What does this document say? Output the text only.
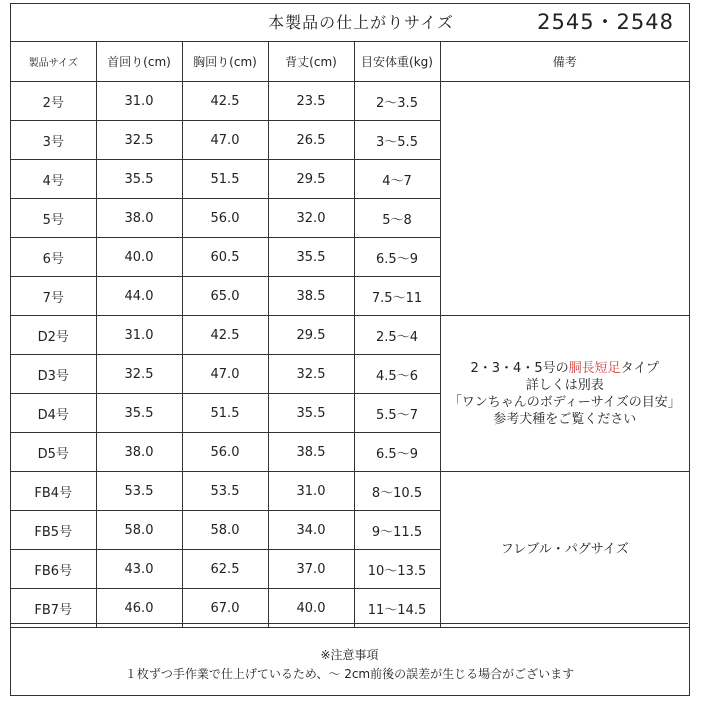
本製品の仕上がりサイズ	2545・2548
製品サイズ	首回り(cm)	胸回り(cm)	背丈(cm)	目安体重(kg)	備考
2号	31.0	42.5	23.5	2〜3.5	
3号	32.5	47.0	26.5	3〜5.5	
4号	35.5	51.5	29.5	4〜7	
5号	38.0	56.0	32.0	5〜8	
6号	40.0	60.5	35.5	6.5〜9	
7号	44.0	65.0	38.5	7.5〜11	
D2号	31.0	42.5	29.5	2.5〜4	2・3・4・5号の胴長短足タイプ
詳しくは別表
「ワンちゃんのボディーサイズの目安」
参考犬種をご覧ください

D3号	32.5	47.0	32.5	4.5〜6	
D4号	35.5	51.5	35.5	5.5〜7	
D5号	38.0	56.0	38.5	6.5〜9	
FB4号	53.5	53.5	31.0	8〜10.5	フレブル・パグサイズ
FB5号	58.0	58.0	34.0	9〜11.5	
FB6号	43.0	62.5	37.0	10〜13.5	
FB7号	46.0	67.0	40.0	11〜14.5	
※注意事項
１枚ずつ手作業で仕上げているため、〜 2cm前後の誤差が生じる場合がございます
